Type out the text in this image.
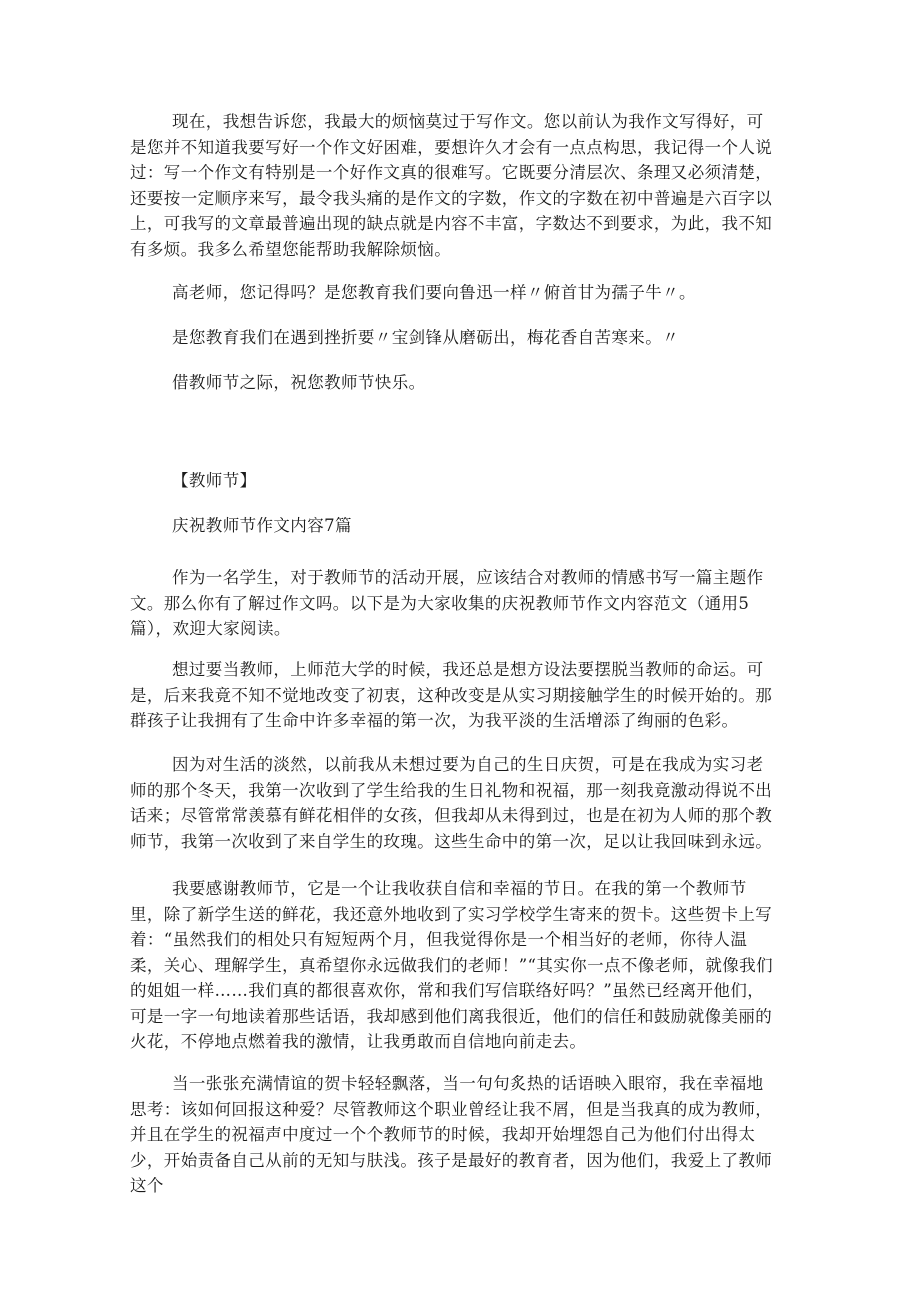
现在，我想告诉您，我最大的烦恼莫过于写作文。您以前认为我作文写得好，可是您并不知道我要写好一个作文好困难，要想许久才会有一点点构思，我记得一个人说过：写一个作文有特别是一个好作文真的很难写。它既要分清层次、条理又必须清楚，还要按一定顺序来写，最令我头痛的是作文的字数，作文的字数在初中普遍是六百字以上，可我写的文章最普遍出现的缺点就是内容不丰富，字数达不到要求，为此，我不知有多烦。我多么希望您能帮助我解除烦恼。

高老师，您记得吗？是您教育我们要向鲁迅一样〃俯首甘为孺子牛〃。

是您教育我们在遇到挫折要〃宝剑锋从磨砺出，梅花香自苦寒来。〃

借教师节之际，祝您教师节快乐。

【教师节】

庆祝教师节作文内容7篇

作为一名学生，对于教师节的活动开展，应该结合对教师的情感书写一篇主题作文。那么你有了解过作文吗。以下是为大家收集的庆祝教师节作文内容范文（通用5篇），欢迎大家阅读。

想过要当教师，上师范大学的时候，我还总是想方设法要摆脱当教师的命运。可是，后来我竟不知不觉地改变了初衷，这种改变是从实习期接触学生的时候开始的。那群孩子让我拥有了生命中许多幸福的第一次，为我平淡的生活增添了绚丽的色彩。

因为对生活的淡然，以前我从未想过要为自己的生日庆贺，可是在我成为实习老师的那个冬天，我第一次收到了学生给我的生日礼物和祝福，那一刻我竟激动得说不出话来；尽管常常羡慕有鲜花相伴的女孩，但我却从未得到过，也是在初为人师的那个教师节，我第一次收到了来自学生的玫瑰。这些生命中的第一次，足以让我回味到永远。

我要感谢教师节，它是一个让我收获自信和幸福的节日。在我的第一个教师节里，除了新学生送的鲜花，我还意外地收到了实习学校学生寄来的贺卡。这些贺卡上写着：“虽然我们的相处只有短短两个月，但我觉得你是一个相当好的老师，你待人温柔，关心、理解学生，真希望你永远做我们的老师！”“其实你一点不像老师，就像我们的姐姐一样……我们真的都很喜欢你，常和我们写信联络好吗？”虽然已经离开他们，可是一字一句地读着那些话语，我却感到他们离我很近，他们的信任和鼓励就像美丽的火花，不停地点燃着我的激情，让我勇敢而自信地向前走去。

当一张张充满情谊的贺卡轻轻飘落，当一句句炙热的话语映入眼帘，我在幸福地思考：该如何回报这种爱？尽管教师这个职业曾经让我不屑，但是当我真的成为教师，并且在学生的祝福声中度过一个个教师节的时候，我却开始埋怨自己为他们付出得太少，开始责备自己从前的无知与肤浅。孩子是最好的教育者，因为他们，我爱上了教师这个
